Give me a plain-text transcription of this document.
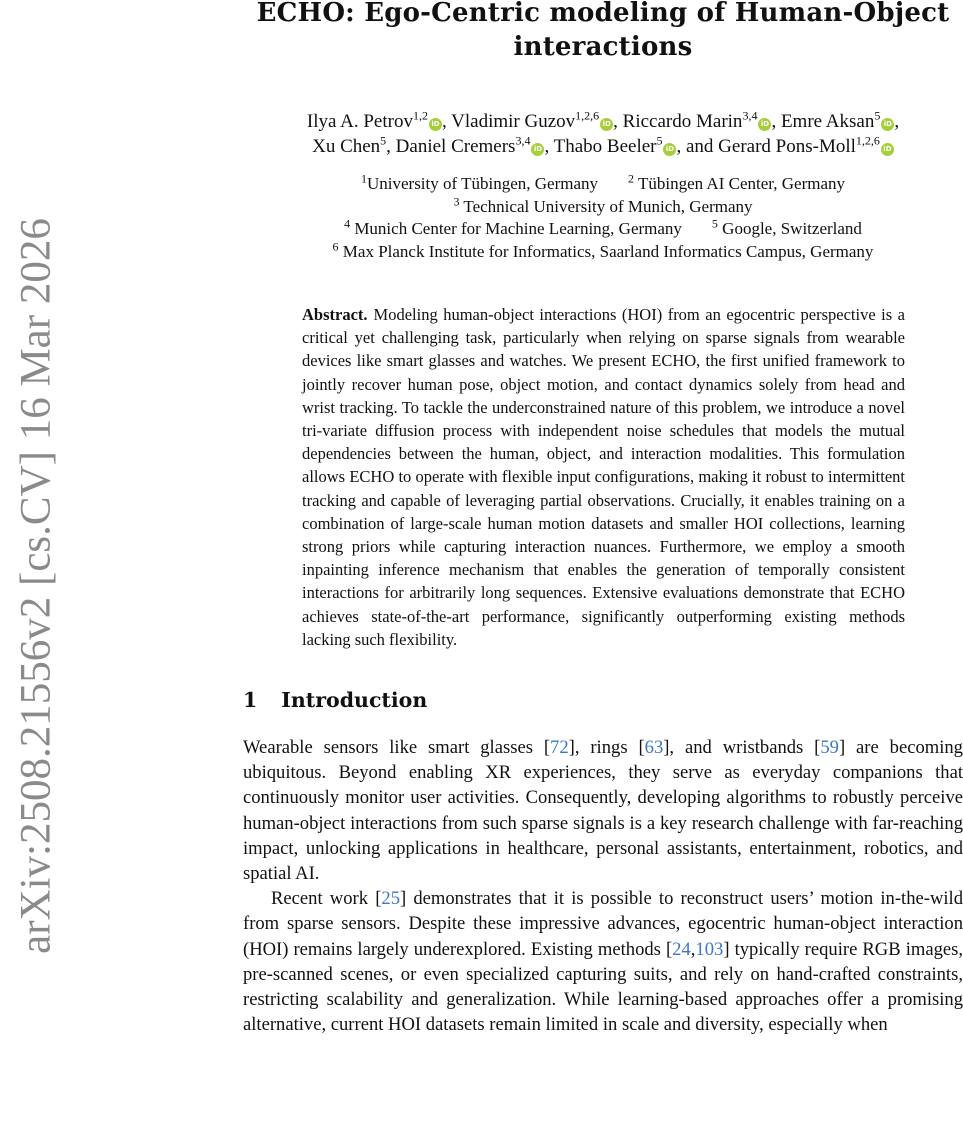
arXiv:2508.21556v2 [cs.CV] 16 Mar 2026
ECHO: Ego-Centric modeling of Human-Object interactions
Ilya A. Petrov$^{1,2}$iD , Vladimir Guzov$^{1,2,6}$iD , Riccardo Marin$^{3,4}$iD , Emre Aksan$^5$iD ,
Xu Chen$^5$, Daniel Cremers$^{3,4}$iD , Thabo Beeler$^5$iD , and Gerard Pons-Moll$^{1,2,6}$iD
$^1$University of Tübingen, Germany	$^2$ Tübingen AI Center, Germany
$^3$ Technical University of Munich, Germany
$^4$ Munich Center for Machine Learning, Germany	$^5$ Google, Switzerland
$^6$ Max Planck Institute for Informatics, Saarland Informatics Campus, Germany
Abstract. Modeling human-object interactions (HOI) from an egocentric perspective is a critical yet challenging task, particularly when relying on sparse signals from wearable devices like smart glasses and watches. We present ECHO, the first unified framework to jointly recover human pose, object motion, and contact dynamics solely from head and wrist tracking. To tackle the underconstrained nature of this problem, we introduce a novel tri-variate diffusion process with independent noise schedules that models the mutual dependencies between the human, object, and interaction modalities. This formulation allows ECHO to operate with flexible input configurations, making it robust to intermittent tracking and capable of leveraging partial observations. Crucially, it enables training on a combination of large-scale human motion datasets and smaller HOI collections, learning strong priors while capturing interaction nuances. Furthermore, we employ a smooth inpainting inference mechanism that enables the generation of temporally consistent interactions for arbitrarily long sequences. Extensive evaluations demonstrate that ECHO achieves state-of-the-art performance, significantly outperforming existing methods lacking such flexibility.
1 Introduction

Wearable sensors like smart glasses [72], rings [63], and wristbands [59] are becoming ubiquitous. Beyond enabling XR experiences, they serve as everyday companions that continuously monitor user activities. Consequently, developing algorithms to robustly perceive human-object interactions from such sparse signals is a key research challenge with far-reaching impact, unlocking applications in healthcare, personal assistants, entertainment, robotics, and spatial AI.

Recent work [25] demonstrates that it is possible to reconstruct users’ motion in-the-wild from sparse sensors. Despite these impressive advances, egocentric human-object interaction (HOI) remains largely underexplored. Existing methods [24,103] typically require RGB images, pre-scanned scenes, or even specialized capturing suits, and rely on hand-crafted constraints, restricting scalability and generalization. While learning-based approaches offer a promising alternative, current HOI datasets remain limited in scale and diversity, especially when
